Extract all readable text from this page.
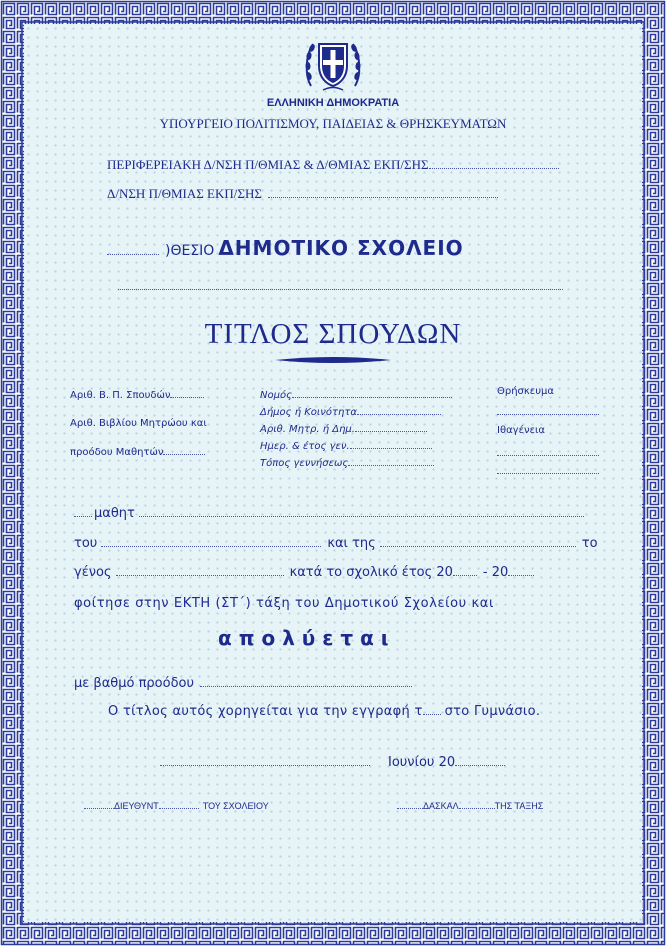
ΕΛΛΗΝΙΚΗ ΔΗΜΟΚΡΑΤΙΑ
ΥΠΟΥΡΓΕΙΟ ΠΟΛΙΤΙΣΜΟΥ, ΠΑΙΔΕΙΑΣ & ΘΡΗΣΚΕΥΜΑΤΩΝ
ΠΕΡΙΦΕΡΕΙΑΚΗ Δ/ΝΣΗ Π/ΘΜΙΑΣ & Δ/ΘΜΙΑΣ ΕΚΠ/ΣΗΣ
Δ/ΝΣΗ Π/ΘΜΙΑΣ ΕΚΠ/ΣΗΣ
)ΘΕΣΙΟ ΔΗΜΟΤΙΚΟ ΣΧΟΛΕΙΟ
ΤΙΤΛΟΣ ΣΠΟΥΔΩΝ
Αριθ. Β. Π. Σπουδών
Αριθ. Βιβλίου Μητρώου και
προόδου Μαθητών
Νομός
Δήμος ή Κοινότητα
Αριθ. Μητρ. ή Δημ.
Ημερ. & έτος γεν.
Τόπος γεννήσεως
Θρήσκευμα
Ιθαγένεια
μαθητ
του	και της	το
γένος	κατά το σχολικό έτος 20 - 20
φοίτησε στην ΕΚΤΗ (ΣΤ΄) τάξη του Δημοτικού Σχολείου και
α π ο λ ύ ε τ α ι
με βαθμό προόδου
Ο τίτλος αυτός χορηγείται για την εγγραφή τ στο Γυμνάσιο.
Ιουνίου 20
ΔΙΕΥΘΥΝΤ	ΤΟΥ ΣΧΟΛΕΙΟΥ	ΔΑΣΚΑΛ	ΤΗΣ ΤΑΞΗΣ
